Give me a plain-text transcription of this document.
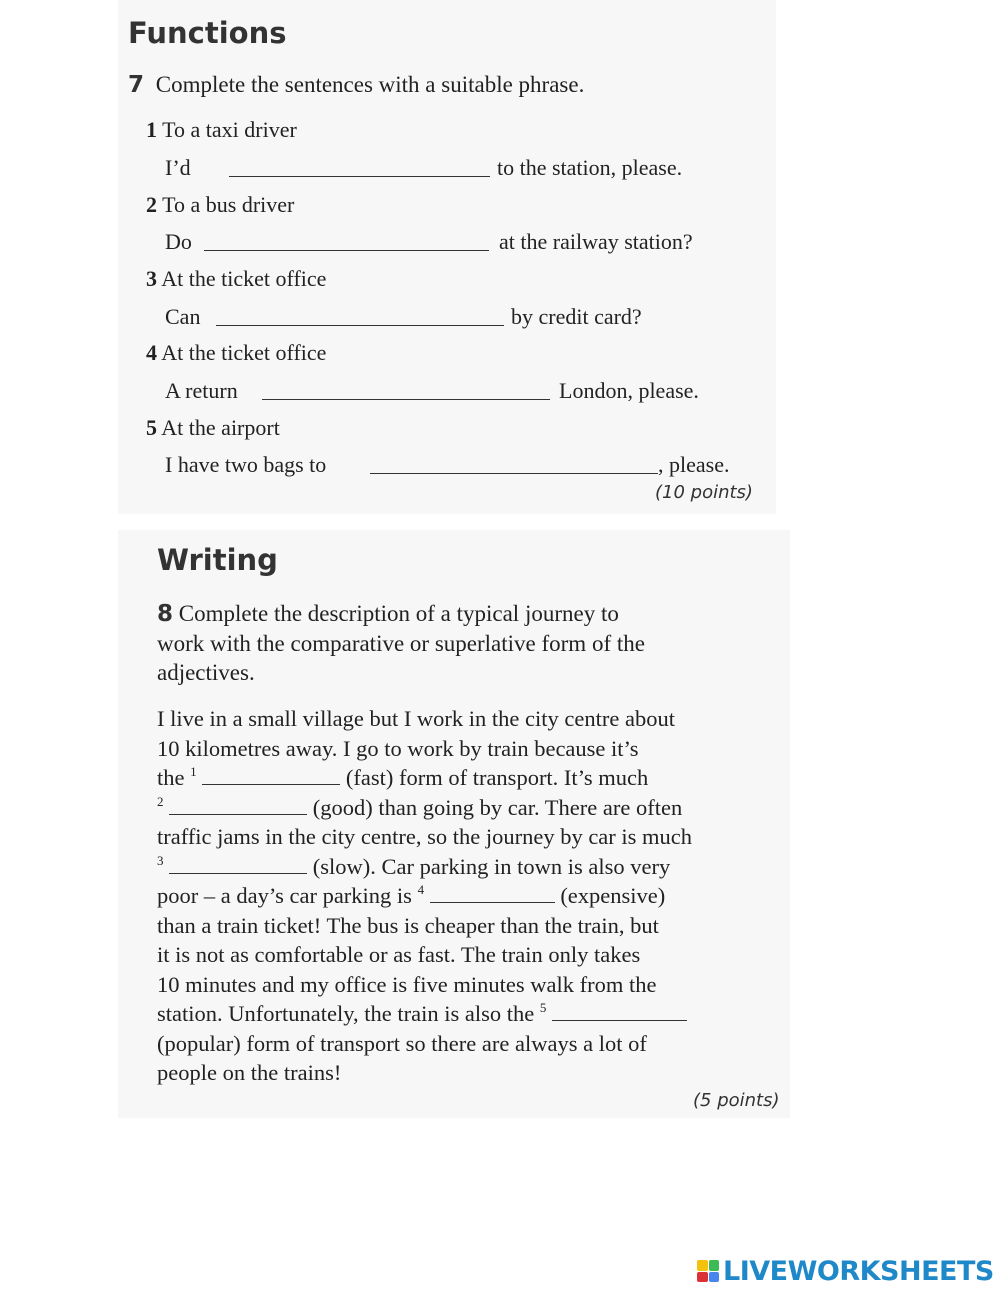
Functions
7 Complete the sentences with a suitable phrase.
1 To a taxi driver
I’d	to the station, please.
2 To a bus driver
Do	at the railway station?
3 At the ticket office
Can	by credit card?
4 At the ticket office
A return	London, please.
5 At the airport
I have two bags to	, please.
(10 points)
Writing
8 Complete the description of a typical journey to
work with the comparative or superlative form of the
adjectives.
I live in a small village but I work in the city centre about
10 kilometres away. I go to work by train because it’s
the $^1$	(fast) form of transport. It’s much
$^2$	(good) than going by car. There are often
traffic jams in the city centre, so the journey by car is much
$^3$	(slow). Car parking in town is also very
poor – a day’s car parking is $^4$	(expensive)
than a train ticket! The bus is cheaper than the train, but
it is not as comfortable or as fast. The train only takes
10 minutes and my office is five minutes walk from the
station. Unfortunately, the train is also the $^5$
(popular) form of transport so there are always a lot of
people on the trains!
(5 points)
LIVEWORKSHEETS
